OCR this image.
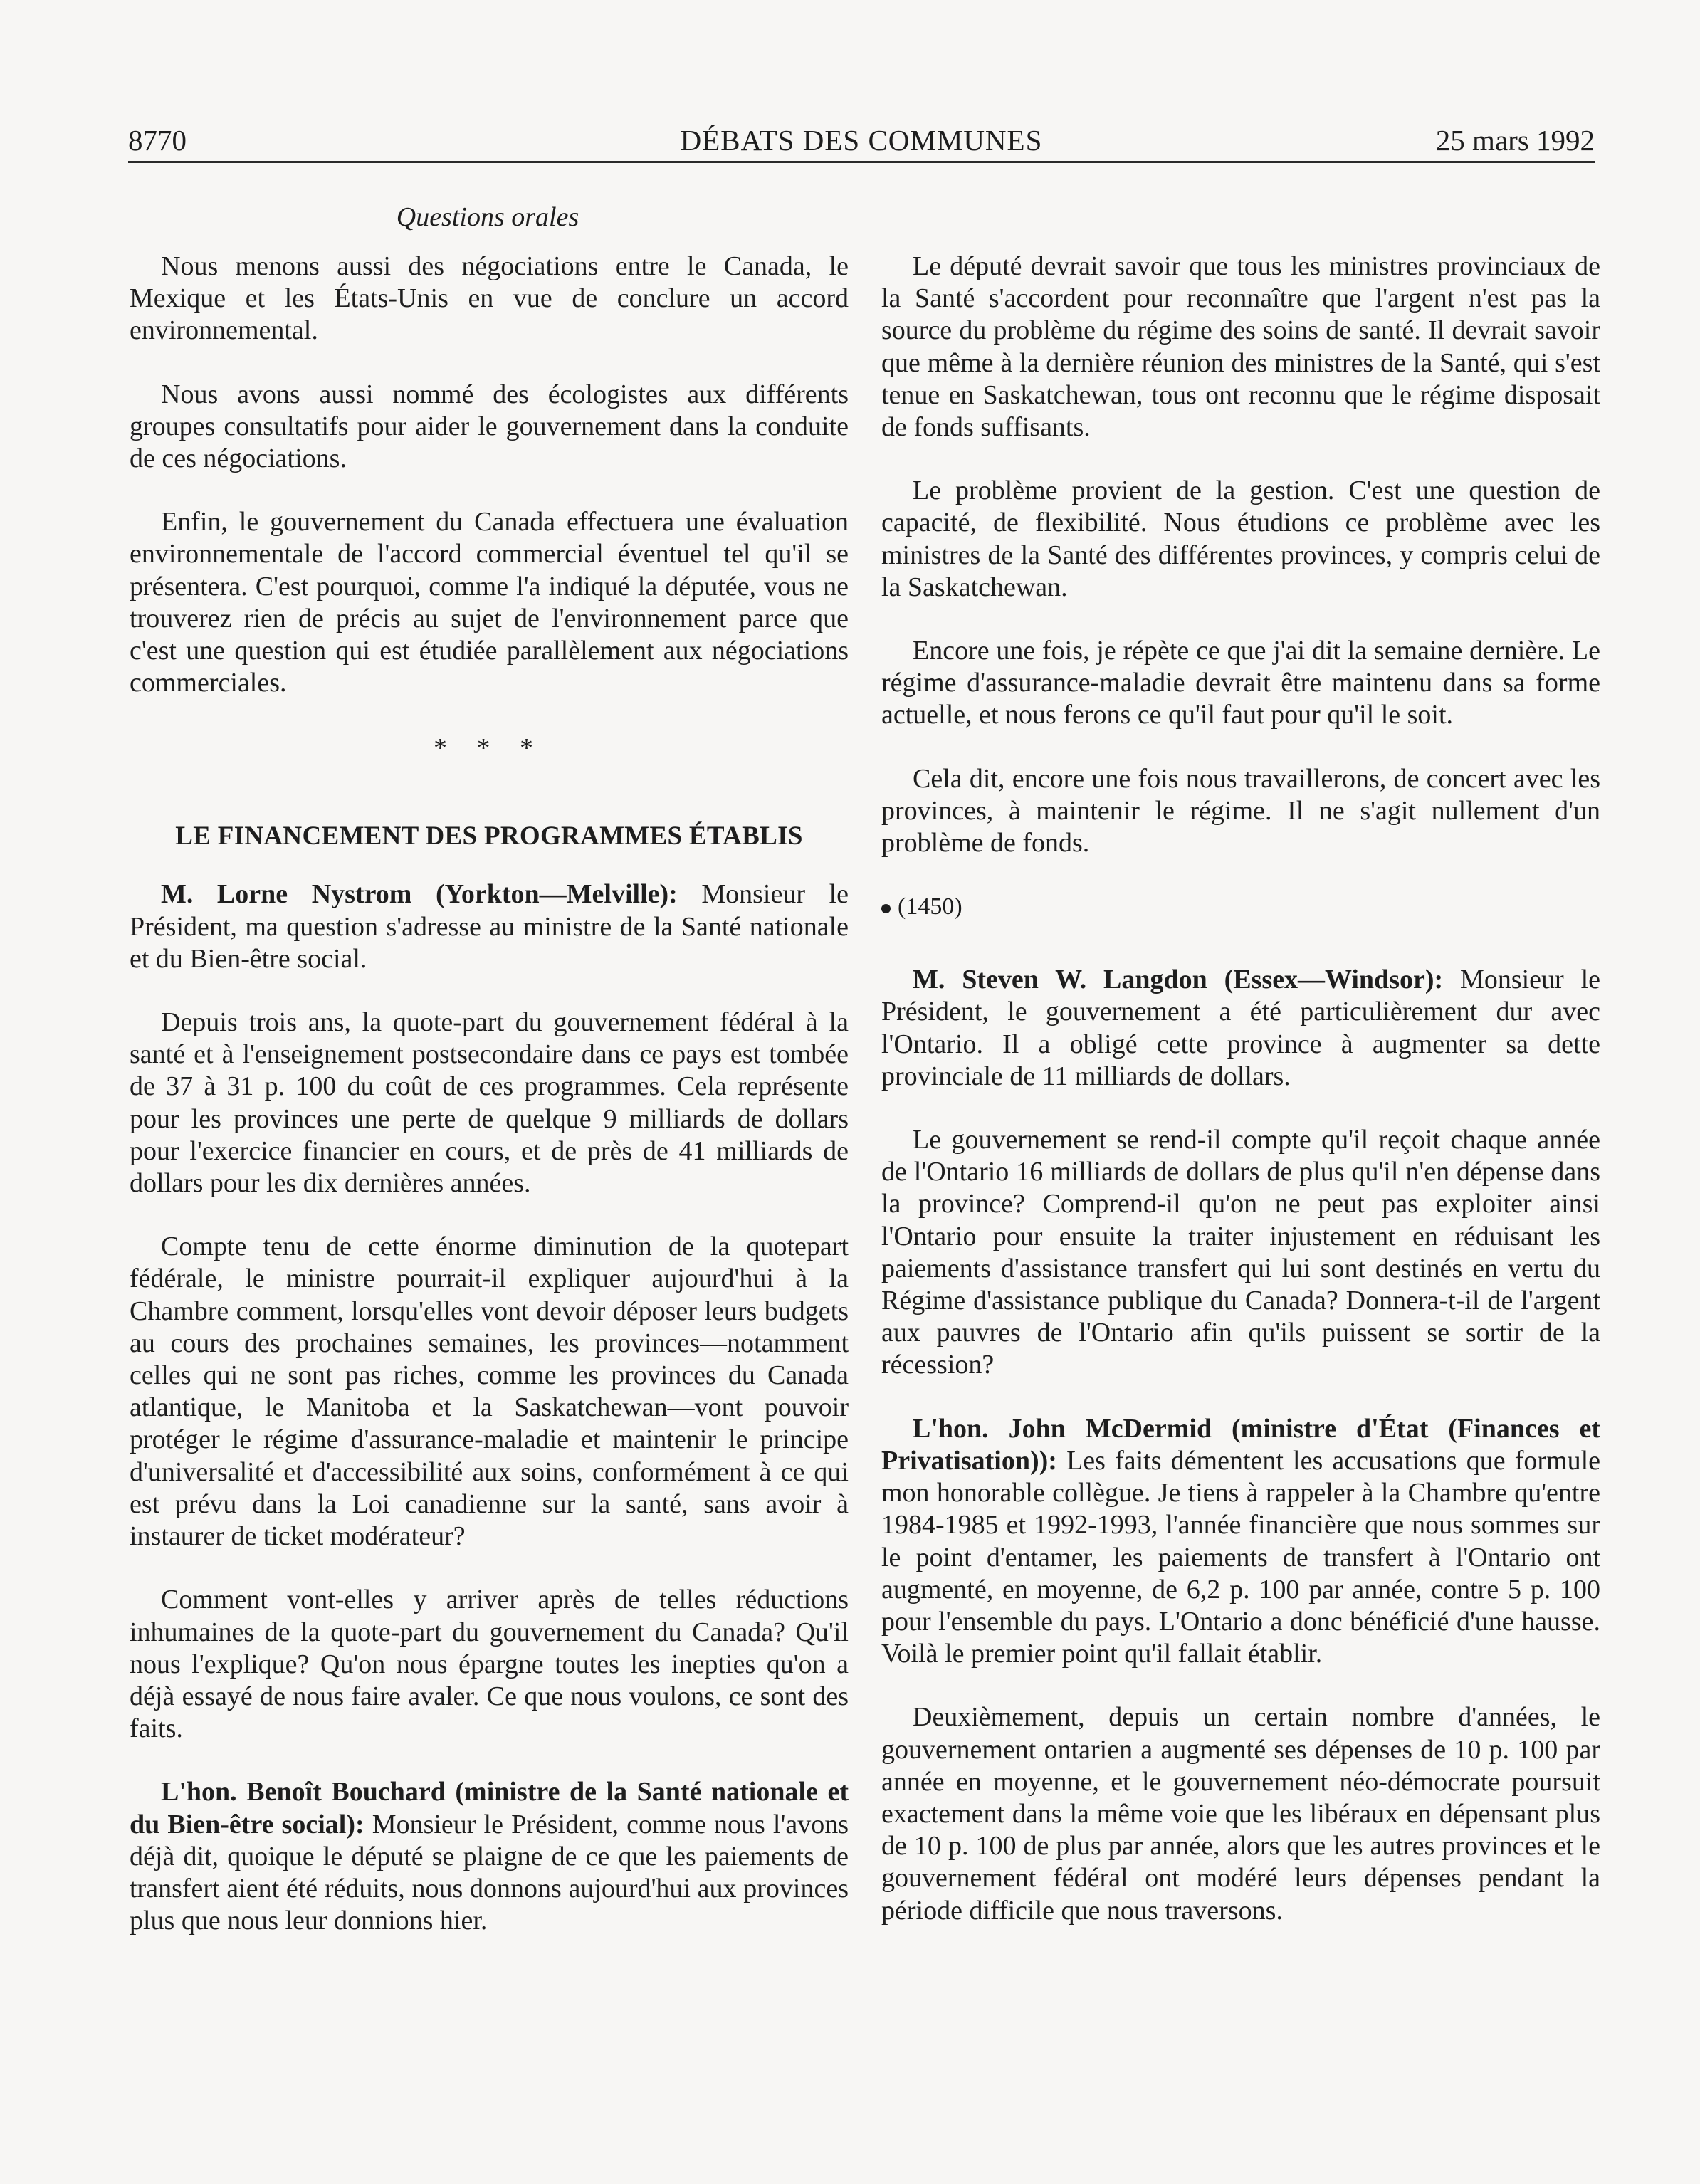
8770	DÉBATS DES COMMUNES	25 mars 1992
Questions orales

Nous menons aussi des négociations entre le Canada, le Mexique et les États-Unis en vue de conclure un accord environnemental.

Nous avons aussi nommé des écologistes aux différents groupes consultatifs pour aider le gouvernement dans la conduite de ces négociations.

Enfin, le gouvernement du Canada effectuera une évaluation environnementale de l'accord commercial éventuel tel qu'il se présentera. C'est pourquoi, comme l'a indiqué la députée, vous ne trouverez rien de précis au sujet de l'environnement parce que c'est une question qui est étudiée parallèlement aux négociations commerciales.

* * *
LE FINANCEMENT DES PROGRAMMES ÉTABLIS

M. Lorne Nystrom (Yorkton—Melville): Monsieur le Président, ma question s'adresse au ministre de la Santé nationale et du Bien-être social.

Depuis trois ans, la quote-part du gouvernement fédéral à la santé et à l'enseignement postsecondaire dans ce pays est tombée de 37 à 31 p. 100 du coût de ces programmes. Cela représente pour les provinces une perte de quelque 9 milliards de dollars pour l'exercice financier en cours, et de près de 41 milliards de dollars pour les dix dernières années.

Compte tenu de cette énorme diminution de la quotepart fédérale, le ministre pourrait-il expliquer aujourd'hui à la Chambre comment, lorsqu'elles vont devoir déposer leurs budgets au cours des prochaines semaines, les provinces—notamment celles qui ne sont pas riches, comme les provinces du Canada atlantique, le Manitoba et la Saskatchewan—vont pouvoir protéger le régime d'assurance-maladie et maintenir le principe d'universalité et d'accessibilité aux soins, conformément à ce qui est prévu dans la Loi canadienne sur la santé, sans avoir à instaurer de ticket modérateur?

Comment vont-elles y arriver après de telles réductions inhumaines de la quote-part du gouvernement du Canada? Qu'il nous l'explique? Qu'on nous épargne toutes les inepties qu'on a déjà essayé de nous faire avaler. Ce que nous voulons, ce sont des faits.

L'hon. Benoît Bouchard (ministre de la Santé nationale et du Bien-être social): Monsieur le Président, comme nous l'avons déjà dit, quoique le député se plaigne de ce que les paiements de transfert aient été réduits, nous donnons aujourd'hui aux provinces plus que nous leur donnions hier.

Le député devrait savoir que tous les ministres provinciaux de la Santé s'accordent pour reconnaître que l'argent n'est pas la source du problème du régime des soins de santé. Il devrait savoir que même à la dernière réunion des ministres de la Santé, qui s'est tenue en Saskatchewan, tous ont reconnu que le régime disposait de fonds suffisants.

Le problème provient de la gestion. C'est une question de capacité, de flexibilité. Nous étudions ce problème avec les ministres de la Santé des différentes provinces, y compris celui de la Saskatchewan.

Encore une fois, je répète ce que j'ai dit la semaine dernière. Le régime d'assurance-maladie devrait être maintenu dans sa forme actuelle, et nous ferons ce qu'il faut pour qu'il le soit.

Cela dit, encore une fois nous travaillerons, de concert avec les provinces, à maintenir le régime. Il ne s'agit nullement d'un problème de fonds.

(1450)

M. Steven W. Langdon (Essex—Windsor): Monsieur le Président, le gouvernement a été particulièrement dur avec l'Ontario. Il a obligé cette province à augmenter sa dette provinciale de 11 milliards de dollars.

Le gouvernement se rend-il compte qu'il reçoit chaque année de l'Ontario 16 milliards de dollars de plus qu'il n'en dépense dans la province? Comprend-il qu'on ne peut pas exploiter ainsi l'Ontario pour ensuite la traiter injustement en réduisant les paiements d'assistance transfert qui lui sont destinés en vertu du Régime d'assistance publique du Canada? Donnera-t-il de l'argent aux pauvres de l'Ontario afin qu'ils puissent se sortir de la récession?

L'hon. John McDermid (ministre d'État (Finances et Privatisation)): Les faits démentent les accusations que formule mon honorable collègue. Je tiens à rappeler à la Chambre qu'entre 1984-1985 et 1992-1993, l'année financière que nous sommes sur le point d'entamer, les paiements de transfert à l'Ontario ont augmenté, en moyenne, de 6,2 p. 100 par année, contre 5 p. 100 pour l'ensemble du pays. L'Ontario a donc bénéficié d'une hausse. Voilà le premier point qu'il fallait établir.

Deuxièmement, depuis un certain nombre d'années, le gouvernement ontarien a augmenté ses dépenses de 10 p. 100 par année en moyenne, et le gouvernement néo-démocrate poursuit exactement dans la même voie que les libéraux en dépensant plus de 10 p. 100 de plus par année, alors que les autres provinces et le gouvernement fédéral ont modéré leurs dépenses pendant la période difficile que nous traversons.
